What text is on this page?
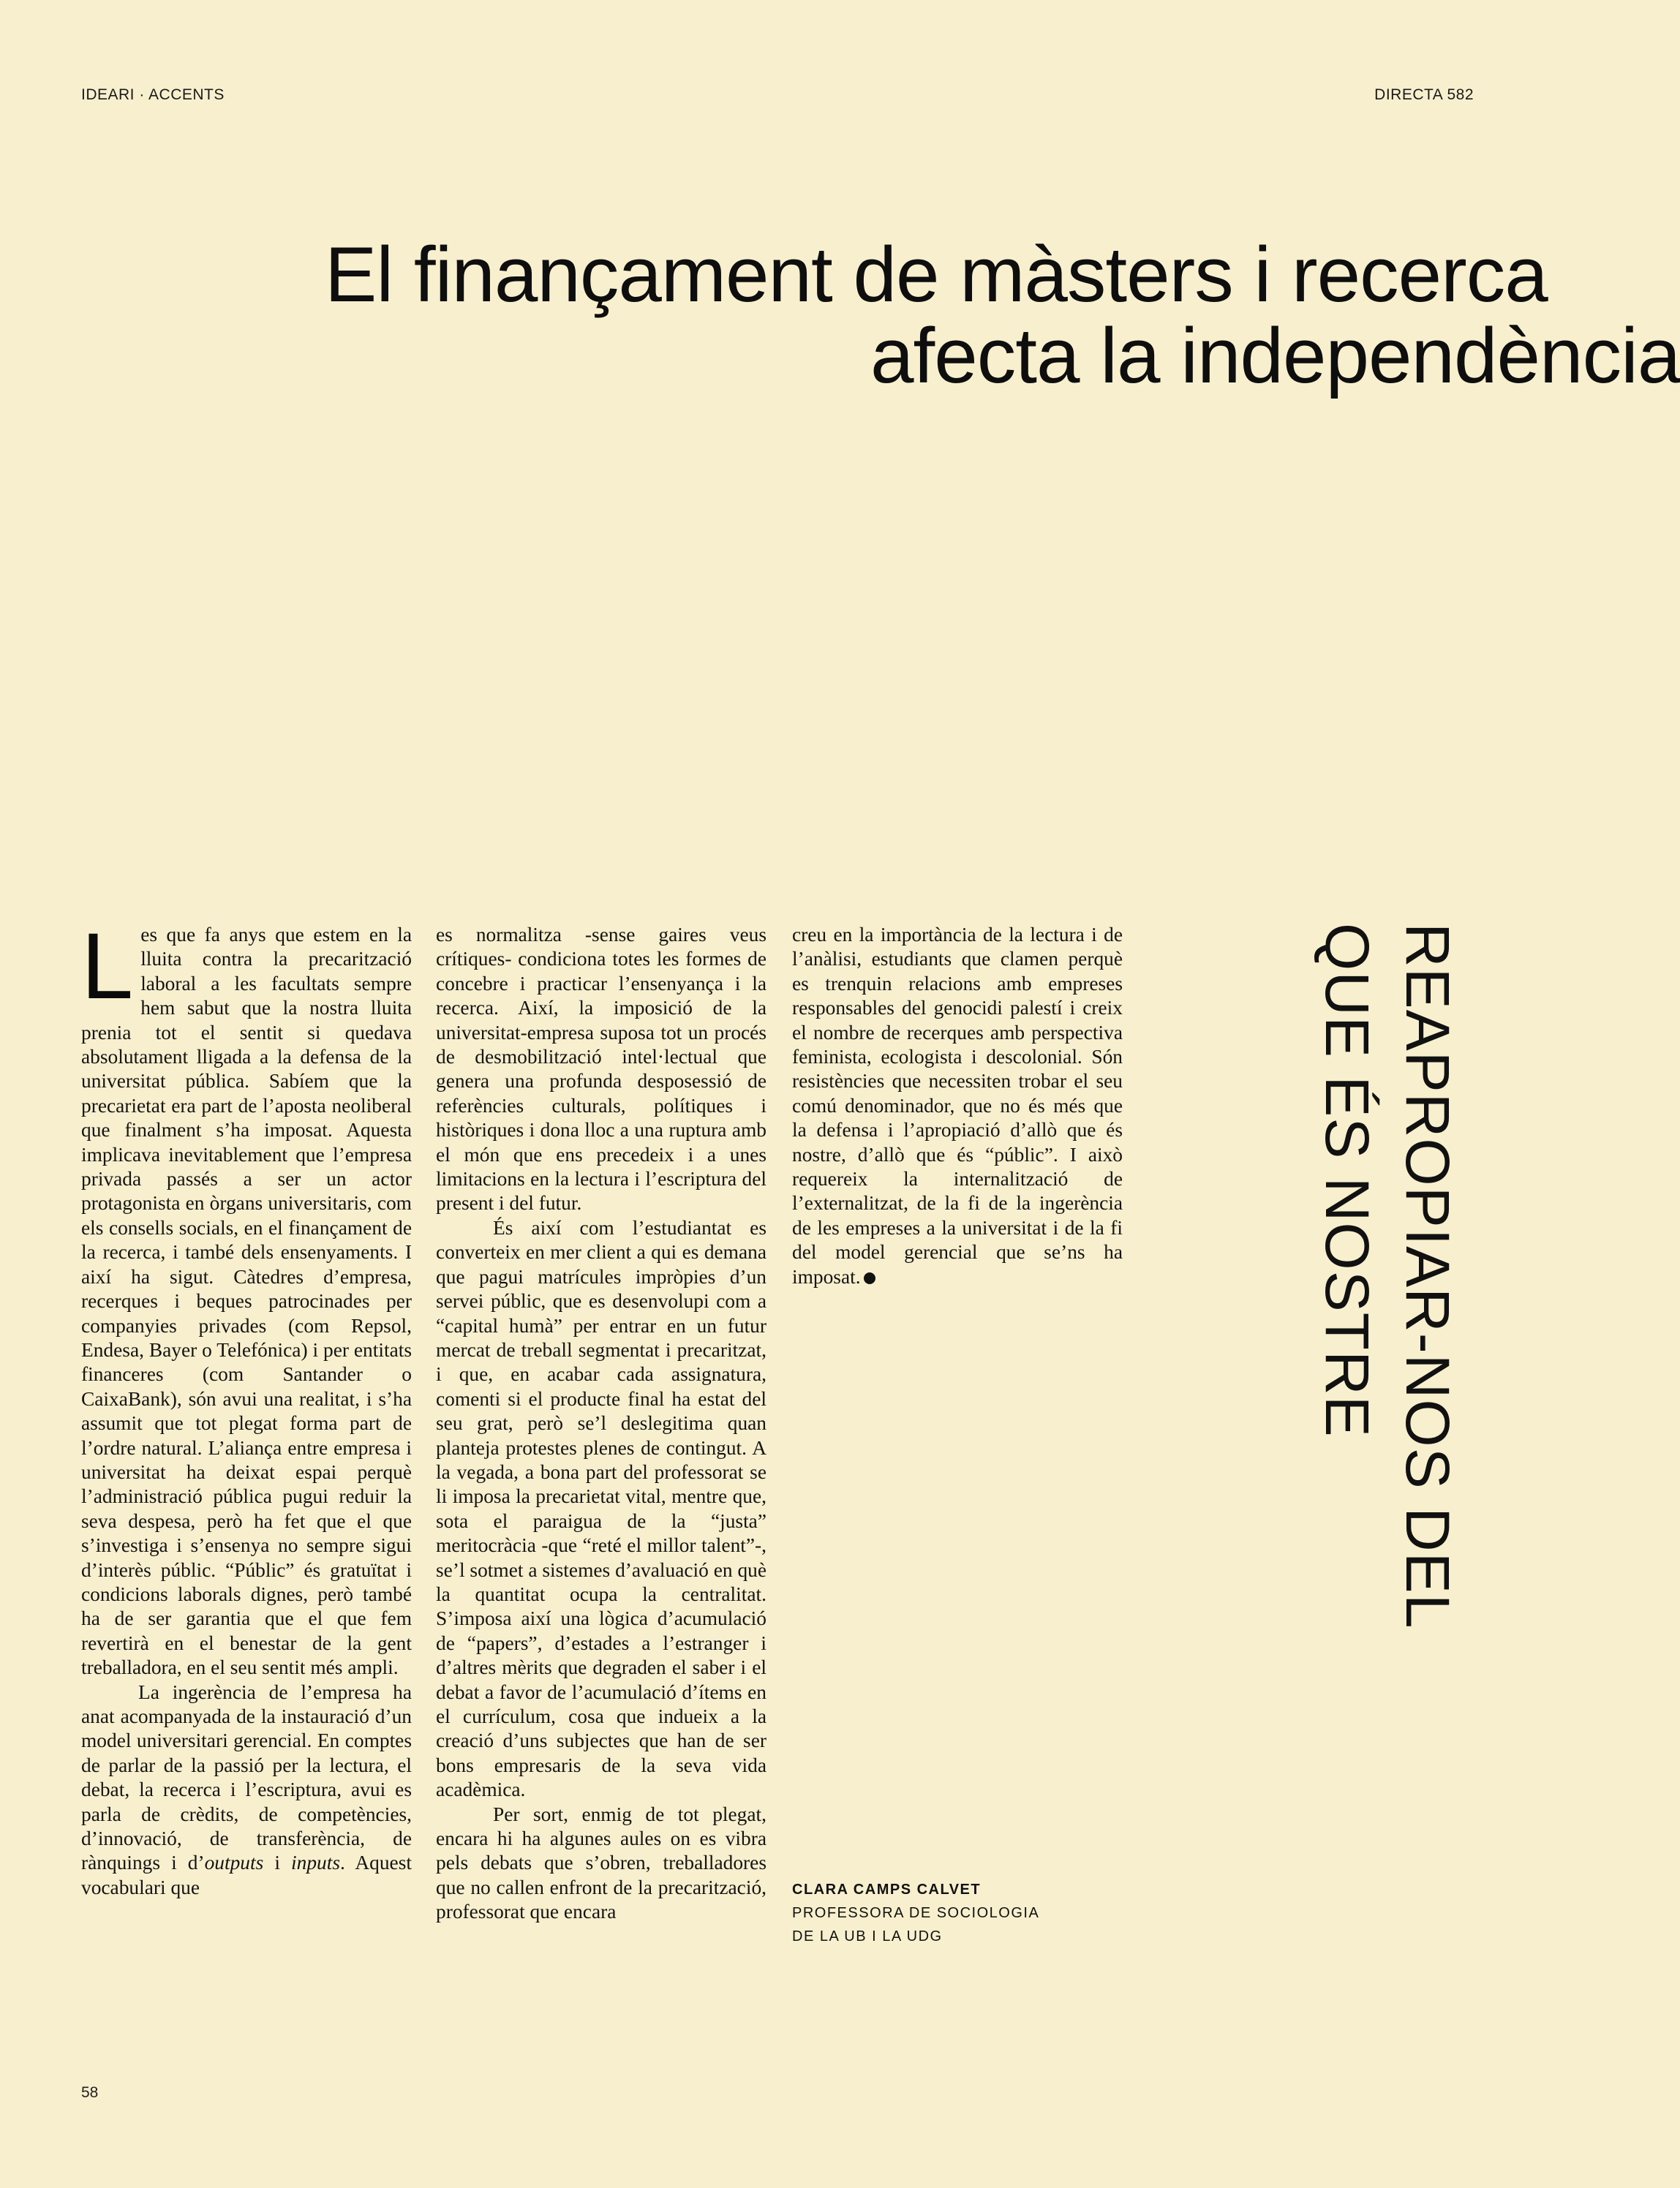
IDEARI · ACCENTS	DIRECTA 582
El finançament de màsters i recerca
afecta la independència

Les que fa anys que estem en la lluita contra la precarització laboral a les facultats sempre hem sabut que la nostra lluita prenia tot el sentit si quedava absolutament lligada a la defensa de la universitat pública. Sabíem que la precarietat era part de l’aposta neoliberal que finalment s’ha imposat. Aquesta implicava inevitablement que l’empresa privada passés a ser un actor protagonista en òrgans universitaris, com els consells socials, en el finançament de la recerca, i també dels ensenyaments. I així ha sigut. Càtedres d’empresa, recerques i beques patrocinades per companyies privades (com Repsol, Endesa, Bayer o Telefónica) i per entitats financeres (com Santander o CaixaBank), són avui una realitat, i s’ha assumit que tot plegat forma part de l’ordre natural. L’aliança entre empresa i universitat ha deixat espai perquè l’administració pública pugui reduir la seva despesa, però ha fet que el que s’investiga i s’ensenya no sempre sigui d’interès públic. “Públic” és gratuïtat i condicions laborals dignes, però també ha de ser garantia que el que fem revertirà en el benestar de la gent treballadora, en el seu sentit més ampli.

La ingerència de l’empresa ha anat acompanyada de la instauració d’un model universitari gerencial. En comptes de parlar de la passió per la lectura, el debat, la recerca i l’escriptura, avui es parla de crèdits, de competències, d’innovació, de transferència, de rànquings i d’outputs i inputs. Aquest vocabulari que

es normalitza -sense gaires veus crítiques- condiciona totes les formes de concebre i practicar l’ensenyança i la recerca. Així, la imposició de la universitat-empresa suposa tot un procés de desmobilització intel·lectual que genera una profunda desposessió de referències culturals, polítiques i històriques i dona lloc a una ruptura amb el món que ens precedeix i a unes limitacions en la lectura i l’escriptura del present i del futur.

És així com l’estudiantat es converteix en mer client a qui es demana que pagui matrícules impròpies d’un servei públic, que es desenvolupi com a “capital humà” per entrar en un futur mercat de treball segmentat i precaritzat, i que, en acabar cada assignatura, comenti si el producte final ha estat del seu grat, però se’l deslegitima quan planteja protestes plenes de contingut. A la vegada, a bona part del professorat se li imposa la precarietat vital, mentre que, sota el paraigua de la “justa” meritocràcia -que “reté el millor talent”-, se’l sotmet a sistemes d’avaluació en què la quantitat ocupa la centralitat. S’imposa així una lògica d’acumulació de “papers”, d’estades a l’estranger i d’altres mèrits que degraden el saber i el debat a favor de l’acumulació d’ítems en el currículum, cosa que indueix a la creació d’uns subjectes que han de ser bons empresaris de la seva vida acadèmica.

Per sort, enmig de tot plegat, encara hi ha algunes aules on es vibra pels debats que s’obren, treballadores que no callen enfront de la precarització, professorat que encara

creu en la importància de la lectura i de l’anàlisi, estudiants que clamen perquè es trenquin relacions amb empreses responsables del genocidi palestí i creix el nombre de recerques amb perspectiva feminista, ecologista i descolonial. Són resistències que necessiten trobar el seu comú denominador, que no és més que la defensa i l’apropiació d’allò que és nostre, d’allò que és “públic”. I això requereix la internalització de l’externalitzat, de la fi de la ingerència de les empreses a la universitat i de la fi del model gerencial que se’ns ha imposat.	REAPROPIAR-NOS DEL
QUE ÉS NOSTRE
CLARA CAMPS CALVET
PROFESSORA DE SOCIOLOGIA
DE LA UB I LA UDG
58
